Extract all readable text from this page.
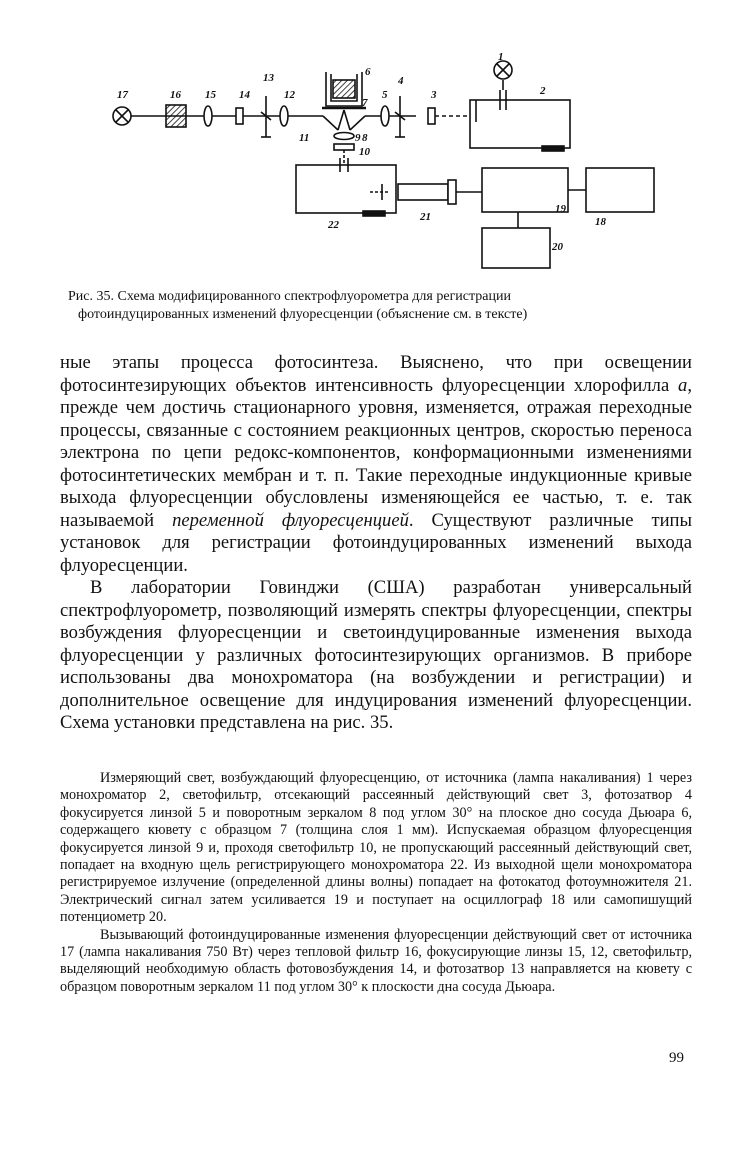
1
2
3
4
5
6
7
8
9
10
11
12
13
14
15
16
17
18
19
20
21
22
Рис. 35. Схема модифицированного спектрофлуорометра для регистрации
фотоиндуцированных изменений флуоресценции (объяснение см. в тексте)

ные этапы процесса фотосинтеза. Выяснено, что при освещении фотосинтезирующих объектов интенсивность флуоресценции хлорофилла а, прежде чем достичь стационарного уровня, изменяется, отражая переходные процессы, связанные с состоянием реакционных центров, скоростью переноса электрона по цепи редокс-компонентов, конформационными изменениями фотосинтетических мембран и т. п. Такие переходные индукционные кривые выхода флуоресценции обусловлены изменяющейся ее частью, т. е. так называемой переменной флуоресценцией. Существуют различные типы установок для регистрации фотоиндуцированных изменений выхода флуоресценции.

В лаборатории Говинджи (США) разработан универсальный спектрофлуорометр, позволяющий измерять спектры флуоресценции, спектры возбуждения флуоресценции и светоиндуцированные изменения выхода флуоресценции у различных фотосинтезирующих организмов. В приборе использованы два монохроматора (на возбуждении и регистрации) и дополнительное освещение для индуцирования изменений флуоресценции. Схема установки представлена на рис. 35.

Измеряющий свет, возбуждающий флуоресценцию, от источника (лампа накаливания) 1 через монохроматор 2, светофильтр, отсекающий рассеянный действующий свет 3, фотозатвор 4 фокусируется линзой 5 и поворотным зеркалом 8 под углом 30° на плоское дно сосуда Дьюара 6, содержащего кювету с образцом 7 (толщина слоя 1 мм). Испускаемая образцом флуоресценция фокусируется линзой 9 и, проходя светофильтр 10, не пропускающий рассеянный действующий свет, попадает на входную щель регистрирующего монохроматора 22. Из выходной щели монохроматора регистрируемое излучение (определенной длины волны) попадает на фотокатод фотоумножителя 21. Электрический сигнал затем усиливается 19 и поступает на осциллограф 18 или самопишущий потенциометр 20.

Вызывающий фотоиндуцированные изменения флуоресценции действующий свет от источника 17 (лампа накаливания 750 Вт) через тепловой фильтр 16, фокусирующие линзы 15, 12, светофильтр, выделяющий необходимую область фотовозбуждения 14, и фотозатвор 13 направляется на кювету с образцом поворотным зеркалом 11 под углом 30° к плоскости дна сосуда Дьюара.

99
